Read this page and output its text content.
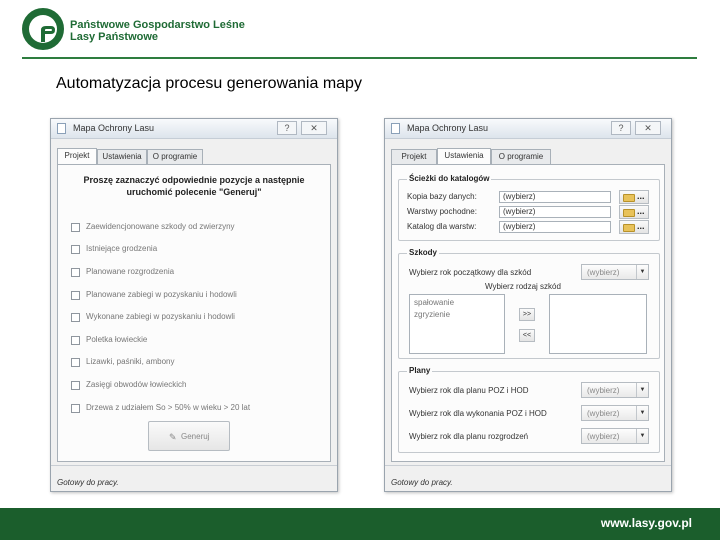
Państwowe Gospodarstwo Leśne
Lasy Państwowe
Automatyzacja procesu generowania mapy
Mapa Ochrony Lasu	?	✕
Projekt	Ustawienia	O programie
Proszę zaznaczyć odpowiednie pozycje a następnie
uruchomić polecenie "Generuj"
Zaewidencjonowane szkody od zwierzyny
Istniejące grodzenia
Planowane rozgrodzenia
Planowane zabiegi w pozyskaniu i hodowli
Wykonane zabiegi w pozyskaniu i hodowli
Poletka łowieckie
Lizawki, paśniki, ambony
Zasięgi obwodów łowieckich
Drzewa z udziałem So > 50% w wieku > 20 lat
✎ Generuj
Gotowy do pracy.
Mapa Ochrony Lasu	?	✕
Projekt	Ustawienia	O programie
Ścieżki do katalogów
Kopia bazy danych:	(wybierz)	...
Warstwy pochodne:	(wybierz)	...
Katalog dla warstw:	(wybierz)	...
Szkody
Wybierz rok początkowy dla szkód	(wybierz)	▼
Wybierz rodzaj szkód
spałowanie
zgryzienie	>>
<<
Plany
Wybierz rok dla planu POZ i HOD	(wybierz)	▼
Wybierz rok dla wykonania POZ i HOD	(wybierz)	▼
Wybierz rok dla planu rozgrodzeń	(wybierz)	▼
Gotowy do pracy.
www.lasy.gov.pl
